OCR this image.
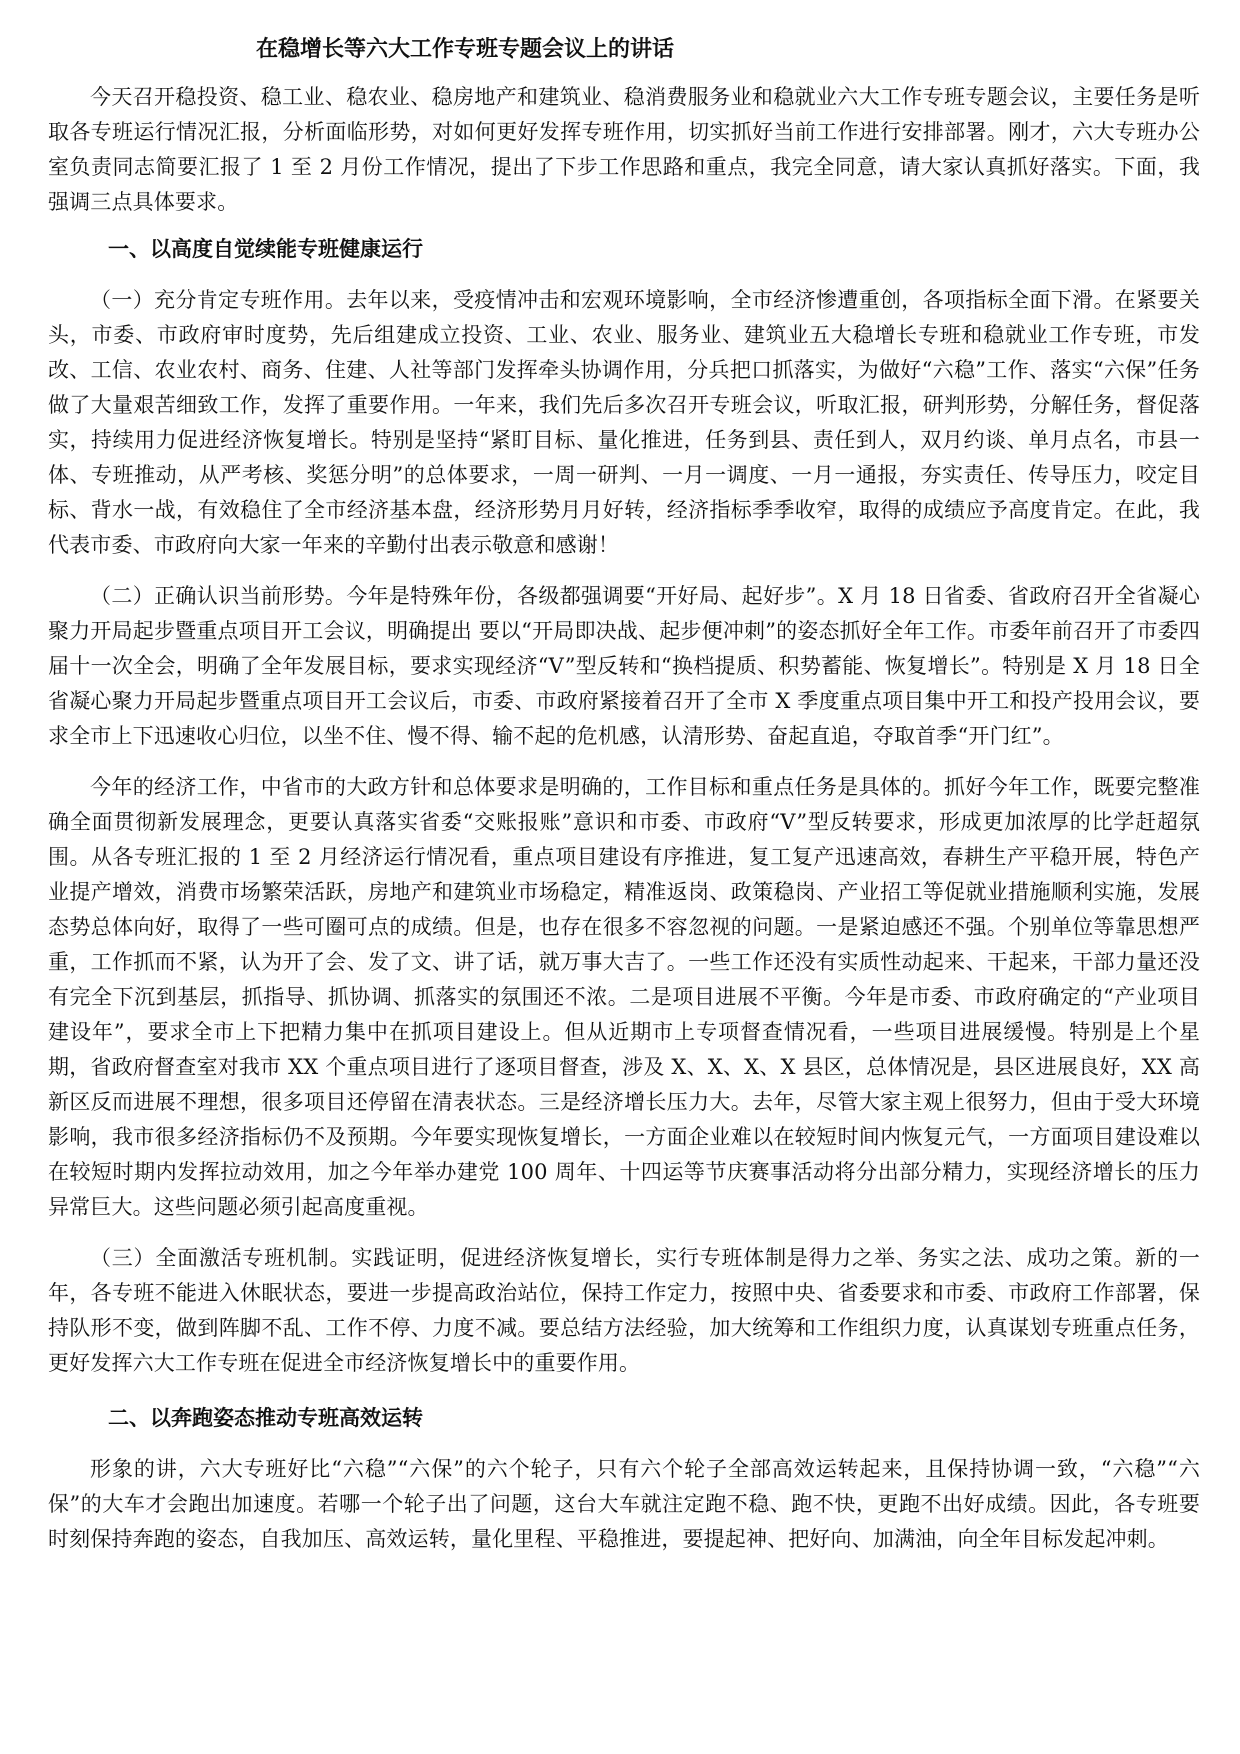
在稳增长等六大工作专班专题会议上的讲话

今天召开稳投资、稳工业、稳农业、稳房地产和建筑业、稳消费服务业和稳就业六大工作专班专题会议，主要任务是听取各专班运行情况汇报，分析面临形势，对如何更好发挥专班作用，切实抓好当前工作进行安排部署。刚才，六大专班办公室负责同志简要汇报了 1 至 2 月份工作情况，提出了下步工作思路和重点，我完全同意，请大家认真抓好落实。下面，我强调三点具体要求。

一、以高度自觉续能专班健康运行

（一）充分肯定专班作用。去年以来，受疫情冲击和宏观环境影响，全市经济惨遭重创，各项指标全面下滑。在紧要关头，市委、市政府审时度势，先后组建成立投资、工业、农业、服务业、建筑业五大稳增长专班和稳就业工作专班，市发改、工信、农业农村、商务、住建、人社等部门发挥牵头协调作用，分兵把口抓落实，为做好“六稳”工作、落实“六保”任务做了大量艰苦细致工作，发挥了重要作用。一年来，我们先后多次召开专班会议，听取汇报，研判形势，分解任务，督促落实，持续用力促进经济恢复增长。特别是坚持“紧盯目标、量化推进，任务到县、责任到人，双月约谈、单月点名，市县一体、专班推动，从严考核、奖惩分明”的总体要求，一周一研判、一月一调度、一月一通报，夯实责任、传导压力，咬定目标、背水一战，有效稳住了全市经济基本盘，经济形势月月好转，经济指标季季收窄，取得的成绩应予高度肯定。在此，我代表市委、市政府向大家一年来的辛勤付出表示敬意和感谢！

（二）正确认识当前形势。今年是特殊年份，各级都强调要“开好局、起好步”。X 月 18 日省委、省政府召开全省凝心聚力开局起步暨重点项目开工会议，明确提出 要以“开局即决战、起步便冲刺”的姿态抓好全年工作。市委年前召开了市委四届十一次全会，明确了全年发展目标，要求实现经济“V”型反转和“换档提质、积势蓄能、恢复增长”。特别是 X 月 18 日全省凝心聚力开局起步暨重点项目开工会议后，市委、市政府紧接着召开了全市 X 季度重点项目集中开工和投产投用会议，要求全市上下迅速收心归位，以坐不住、慢不得、输不起的危机感，认清形势、奋起直追，夺取首季“开门红”。

今年的经济工作，中省市的大政方针和总体要求是明确的，工作目标和重点任务是具体的。抓好今年工作，既要完整准确全面贯彻新发展理念，更要认真落实省委“交账报账”意识和市委、市政府“V”型反转要求，形成更加浓厚的比学赶超氛围。从各专班汇报的 1 至 2 月经济运行情况看，重点项目建设有序推进，复工复产迅速高效，春耕生产平稳开展，特色产业提产增效，消费市场繁荣活跃，房地产和建筑业市场稳定，精准返岗、政策稳岗、产业招工等促就业措施顺利实施，发展态势总体向好，取得了一些可圈可点的成绩。但是，也存在很多不容忽视的问题。一是紧迫感还不强。个别单位等靠思想严重，工作抓而不紧，认为开了会、发了文、讲了话，就万事大吉了。一些工作还没有实质性动起来、干起来，干部力量还没有完全下沉到基层，抓指导、抓协调、抓落实的氛围还不浓。二是项目进展不平衡。今年是市委、市政府确定的“产业项目建设年”，要求全市上下把精力集中在抓项目建设上。但从近期市上专项督查情况看，一些项目进展缓慢。特别是上个星期，省政府督查室对我市 XX 个重点项目进行了逐项目督查，涉及 X、X、X、X 县区，总体情况是，县区进展良好，XX 高新区反而进展不理想，很多项目还停留在清表状态。三是经济增长压力大。去年，尽管大家主观上很努力，但由于受大环境影响，我市很多经济指标仍不及预期。今年要实现恢复增长，一方面企业难以在较短时间内恢复元气，一方面项目建设难以在较短时期内发挥拉动效用，加之今年举办建党 100 周年、十四运等节庆赛事活动将分出部分精力，实现经济增长的压力异常巨大。这些问题必须引起高度重视。

（三）全面激活专班机制。实践证明，促进经济恢复增长，实行专班体制是得力之举、务实之法、成功之策。新的一年，各专班不能进入休眠状态，要进一步提高政治站位，保持工作定力，按照中央、省委要求和市委、市政府工作部署，保持队形不变，做到阵脚不乱、工作不停、力度不减。要总结方法经验，加大统筹和工作组织力度，认真谋划专班重点任务，更好发挥六大工作专班在促进全市经济恢复增长中的重要作用。

二、以奔跑姿态推动专班高效运转

形象的讲，六大专班好比“六稳”“六保”的六个轮子，只有六个轮子全部高效运转起来，且保持协调一致，“六稳”“六保”的大车才会跑出加速度。若哪一个轮子出了问题，这台大车就注定跑不稳、跑不快，更跑不出好成绩。因此，各专班要时刻保持奔跑的姿态，自我加压、高效运转，量化里程、平稳推进，要提起神、把好向、加满油，向全年目标发起冲刺。
